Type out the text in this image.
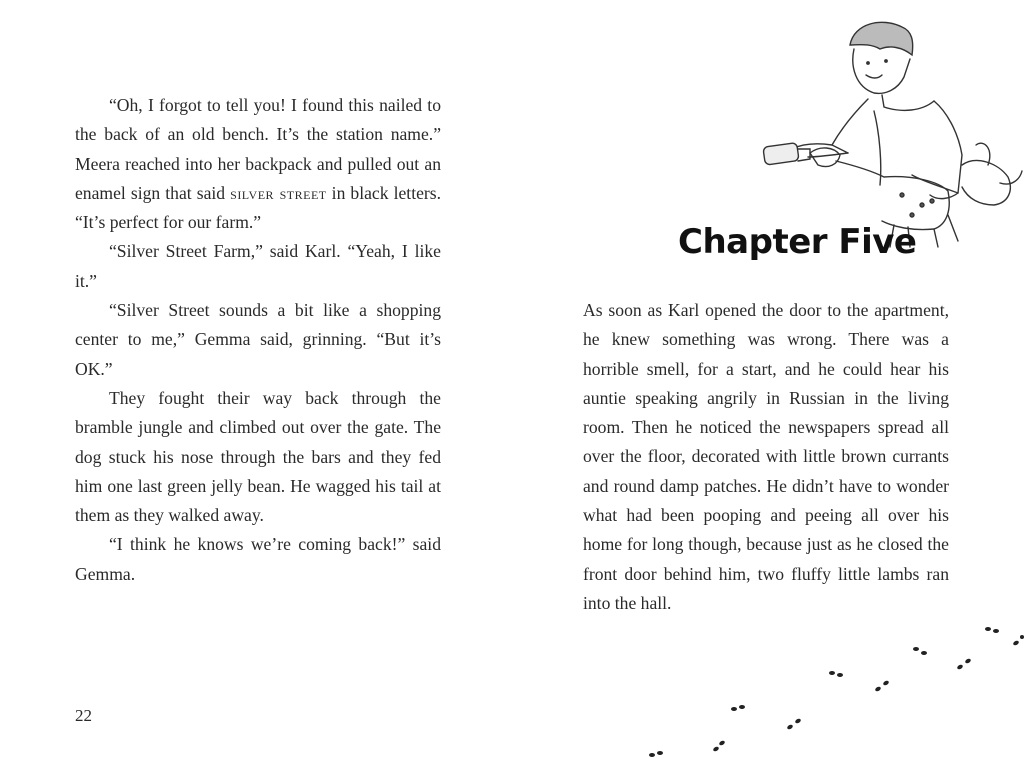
“Oh, I forgot to tell you! I found this nailed to the back of an old bench. It’s the station name.” Meera reached into her backpack and pulled out an enamel sign that said silver street in black letters. “It’s perfect for our farm.”

“Silver Street Farm,” said Karl. “Yeah, I like it.”

“Silver Street sounds a bit like a shopping center to me,” Gemma said, grinning. “But it’s OK.”

They fought their way back through the bramble jungle and climbed out over the gate. The dog stuck his nose through the bars and they fed him one last green jelly bean. He wagged his tail at them as they walked away.

“I think he knows we’re coming back!” said Gemma.

22
Chapter Five

As soon as Karl opened the door to the apartment, he knew something was wrong. There was a horrible smell, for a start, and he could hear his auntie speaking angrily in Russian in the living room. Then he noticed the newspapers spread all over the floor, decorated with little brown currants and round damp patches. He didn’t have to wonder what had been pooping and peeing all over his home for long though, because just as he closed the front door behind him, two fluffy little lambs ran into the hall.
